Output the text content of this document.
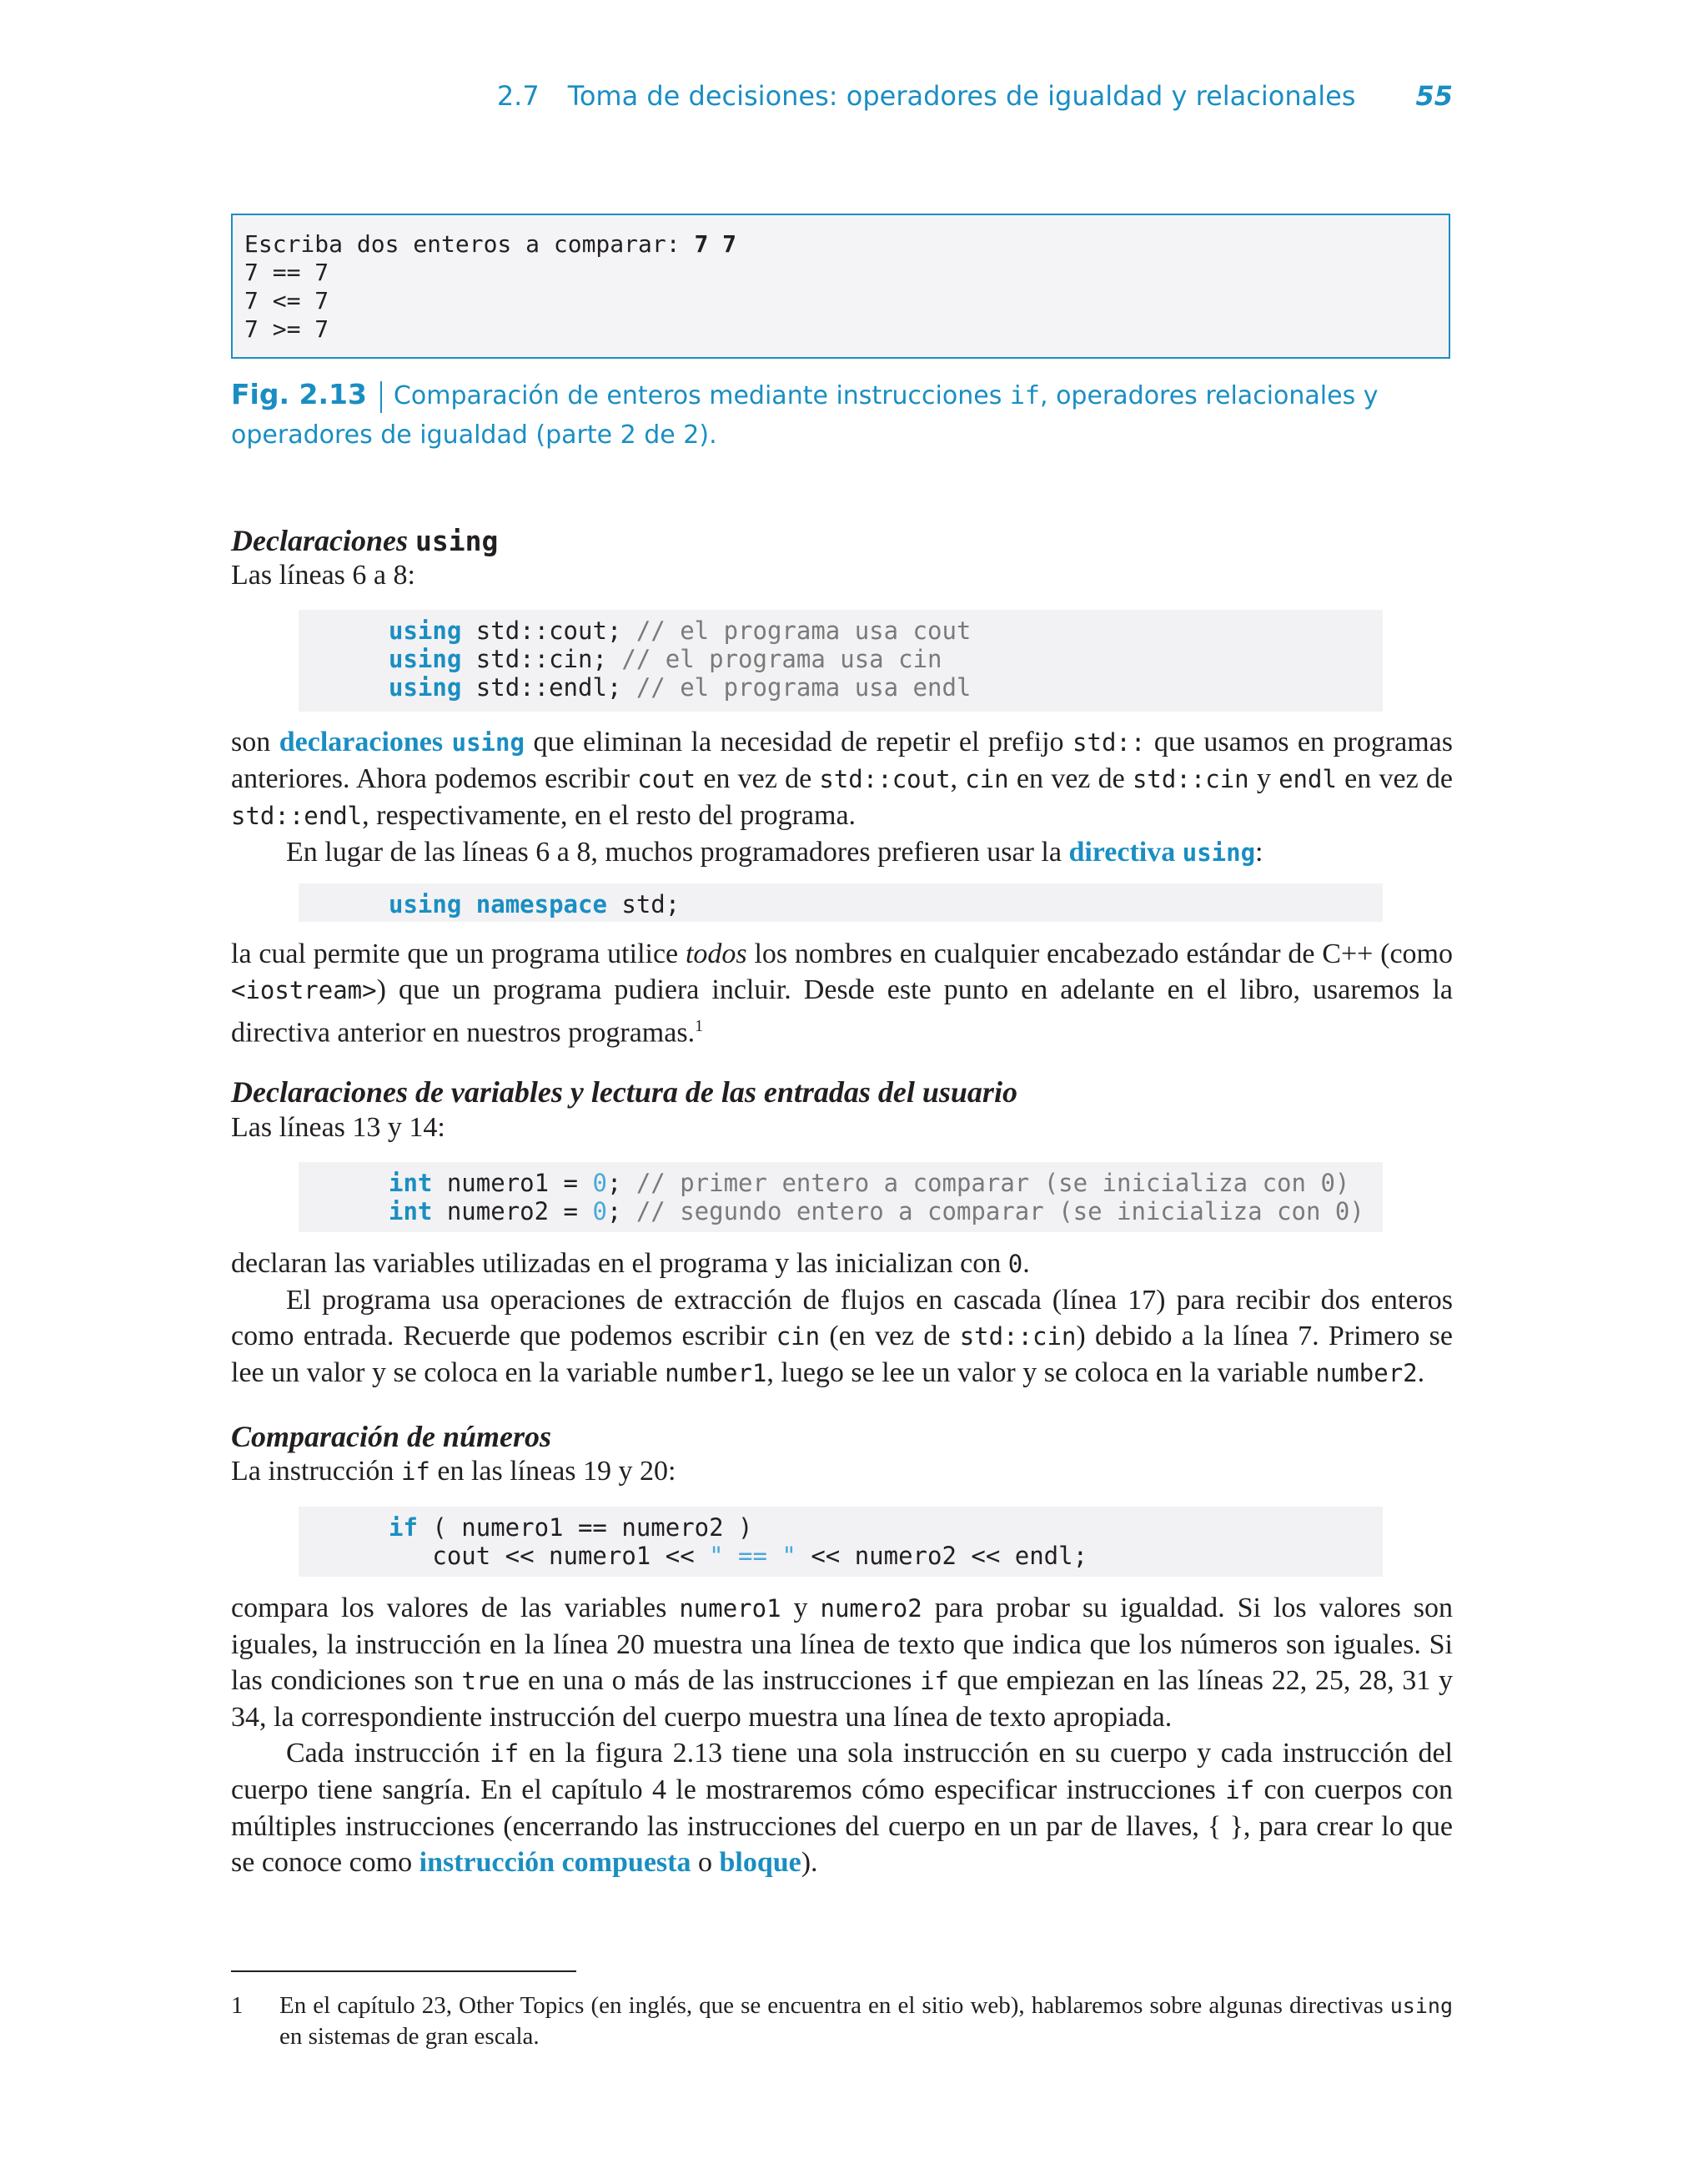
2.7 Toma de decisiones: operadores de igualdad y relacionales 55
Escriba dos enteros a comparar: 7 7
7 == 7
7 <= 7
7 >= 7
Fig. 2.13 Comparación de enteros mediante instrucciones if, operadores relacionales y operadores de igualdad (parte 2 de 2).
Declaraciones using

Las líneas 6 a 8:

using std::cout; // el programa usa cout
using std::cin; // el programa usa cin
using std::endl; // el programa usa endl

son declaraciones using que eliminan la necesidad de repetir el prefijo std:: que usamos en programas anteriores. Ahora podemos escribir cout en vez de std::cout, cin en vez de std::cin y endl en vez de std::endl, respectivamente, en el resto del programa.

En lugar de las líneas 6 a 8, muchos programadores prefieren usar la directiva using:

using namespace std;

la cual permite que un programa utilice todos los nombres en cualquier encabezado estándar de C++ (como <iostream>) que un programa pudiera incluir. Desde este punto en adelante en el libro, usaremos la directiva anterior en nuestros programas.$^1$

Declaraciones de variables y lectura de las entradas del usuario

Las líneas 13 y 14:

int numero1 = 0; // primer entero a comparar (se inicializa con 0)
int numero2 = 0; // segundo entero a comparar (se inicializa con 0)

declaran las variables utilizadas en el programa y las inicializan con 0.

El programa usa operaciones de extracción de flujos en cascada (línea 17) para recibir dos enteros como entrada. Recuerde que podemos escribir cin (en vez de std::cin) debido a la línea 7. Primero se lee un valor y se coloca en la variable number1, luego se lee un valor y se coloca en la variable number2.

Comparación de números

La instrucción if en las líneas 19 y 20:

if ( numero1 == numero2 )
cout << numero1 << " == " << numero2 << endl;

compara los valores de las variables numero1 y numero2 para probar su igualdad. Si los valores son iguales, la instrucción en la línea 20 muestra una línea de texto que indica que los números son iguales. Si las condiciones son true en una o más de las instrucciones if que empiezan en las líneas 22, 25, 28, 31 y 34, la correspondiente instrucción del cuerpo muestra una línea de texto apropiada.

Cada instrucción if en la figura 2.13 tiene una sola instrucción en su cuerpo y cada instrucción del cuerpo tiene sangría. En el capítulo 4 le mostraremos cómo especificar instrucciones if con cuerpos con múltiples instrucciones (encerrando las instrucciones del cuerpo en un par de llaves, { }, para crear lo que se conoce como instrucción compuesta o bloque).

1 En el capítulo 23, Other Topics (en inglés, que se encuentra en el sitio web), hablaremos sobre algunas directivas using en sistemas de gran escala.
